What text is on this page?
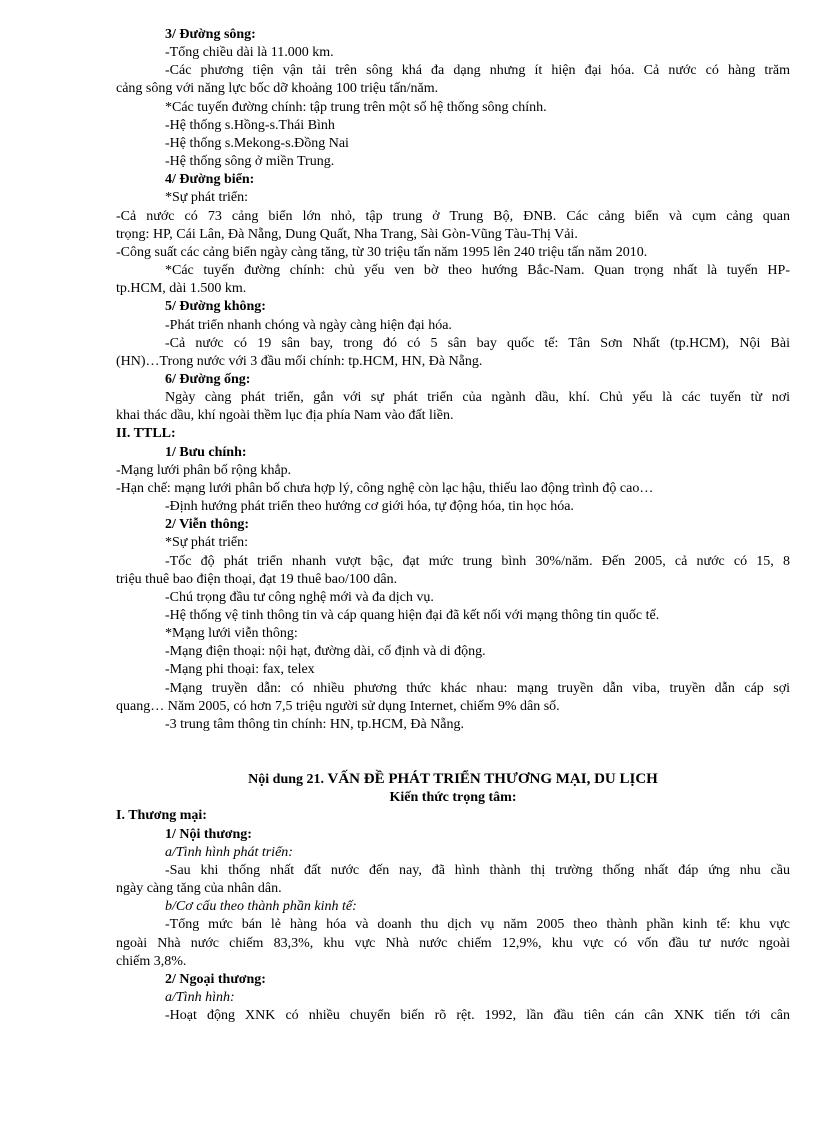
3/ Đường sông:
-Tổng chiều dài là 11.000 km.
-Các phương tiện vận tải trên sông khá đa dạng nhưng ít hiện đại hóa. Cả nước có hàng trăm
cảng sông với năng lực bốc dỡ khoảng 100 triệu tấn/năm.
*Các tuyến đường chính: tập trung trên một số hệ thống sông chính.
-Hệ thống s.Hồng-s.Thái Bình
-Hệ thống s.Mekong-s.Đồng Nai
-Hệ thống sông ở miền Trung.
4/ Đường biển:
*Sự phát triển:
-Cả nước có 73 cảng biển lớn nhỏ, tập trung ở Trung Bộ, ĐNB. Các cảng biển và cụm cảng quan
trọng: HP, Cái Lân, Đà Nẵng, Dung Quất, Nha Trang, Sài Gòn-Vũng Tàu-Thị Vải.
-Công suất các cảng biển ngày càng tăng, từ 30 triệu tấn năm 1995 lên 240 triệu tấn năm 2010.
*Các tuyến đường chính: chủ yếu ven bờ theo hướng Bắc-Nam. Quan trọng nhất là tuyến HP-
tp.HCM, dài 1.500 km.
5/ Đường không:
-Phát triển nhanh chóng và ngày càng hiện đại hóa.
-Cả nước có 19 sân bay, trong đó có 5 sân bay quốc tế: Tân Sơn Nhất (tp.HCM), Nội Bài
(HN)…Trong nước với 3 đầu mối chính: tp.HCM, HN, Đà Nẵng.
6/ Đường ống:
Ngày càng phát triển, gắn với sự phát triển của ngành dầu, khí. Chủ yếu là các tuyến từ nơi
khai thác dầu, khí ngoài thềm lục địa phía Nam vào đất liền.
II. TTLL:
1/ Bưu chính:
-Mạng lưới phân bố rộng khắp.
-Hạn chế: mạng lưới phân bố chưa hợp lý, công nghệ còn lạc hậu, thiếu lao động trình độ cao…
-Định hướng phát triển theo hướng cơ giới hóa, tự động hóa, tin học hóa.
2/ Viễn thông:
*Sự phát triển:
-Tốc độ phát triển nhanh vượt bậc, đạt mức trung bình 30%/năm. Đến 2005, cả nước có 15, 8
triệu thuê bao điện thoại, đạt 19 thuê bao/100 dân.
-Chú trọng đầu tư công nghệ mới và đa dịch vụ.
-Hệ thống vệ tinh thông tin và cáp quang hiện đại đã kết nối với mạng thông tin quốc tế.
*Mạng lưới viễn thông:
-Mạng điện thoại: nội hạt, đường dài, cố định và di động.
-Mạng phi thoại: fax, telex
-Mạng truyền dẫn: có nhiều phương thức khác nhau: mạng truyền dẫn viba, truyền dẫn cáp sợi
quang… Năm 2005, có hơn 7,5 triệu người sử dụng Internet, chiếm 9% dân số.
-3 trung tâm thông tin chính: HN, tp.HCM, Đà Nẵng.
Nội dung 21. VẤN ĐỀ PHÁT TRIỂN THƯƠNG MẠI, DU LỊCH
Kiến thức trọng tâm:
I. Thương mại:
1/ Nội thương:
a/Tình hình phát triển:
-Sau khi thống nhất đất nước đến nay, đã hình thành thị trường thống nhất đáp ứng nhu cầu
ngày càng tăng của nhân dân.
b/Cơ cấu theo thành phần kinh tế:
-Tổng mức bán lẻ hàng hóa và doanh thu dịch vụ năm 2005 theo thành phần kinh tế: khu vực
ngoài Nhà nước chiếm 83,3%, khu vực Nhà nước chiếm 12,9%, khu vực có vốn đầu tư nước ngoài
chiếm 3,8%.
2/ Ngoại thương:
a/Tình hình:
-Hoạt động XNK có nhiều chuyển biến rõ rệt. 1992, lần đầu tiên cán cân XNK tiến tới cân
